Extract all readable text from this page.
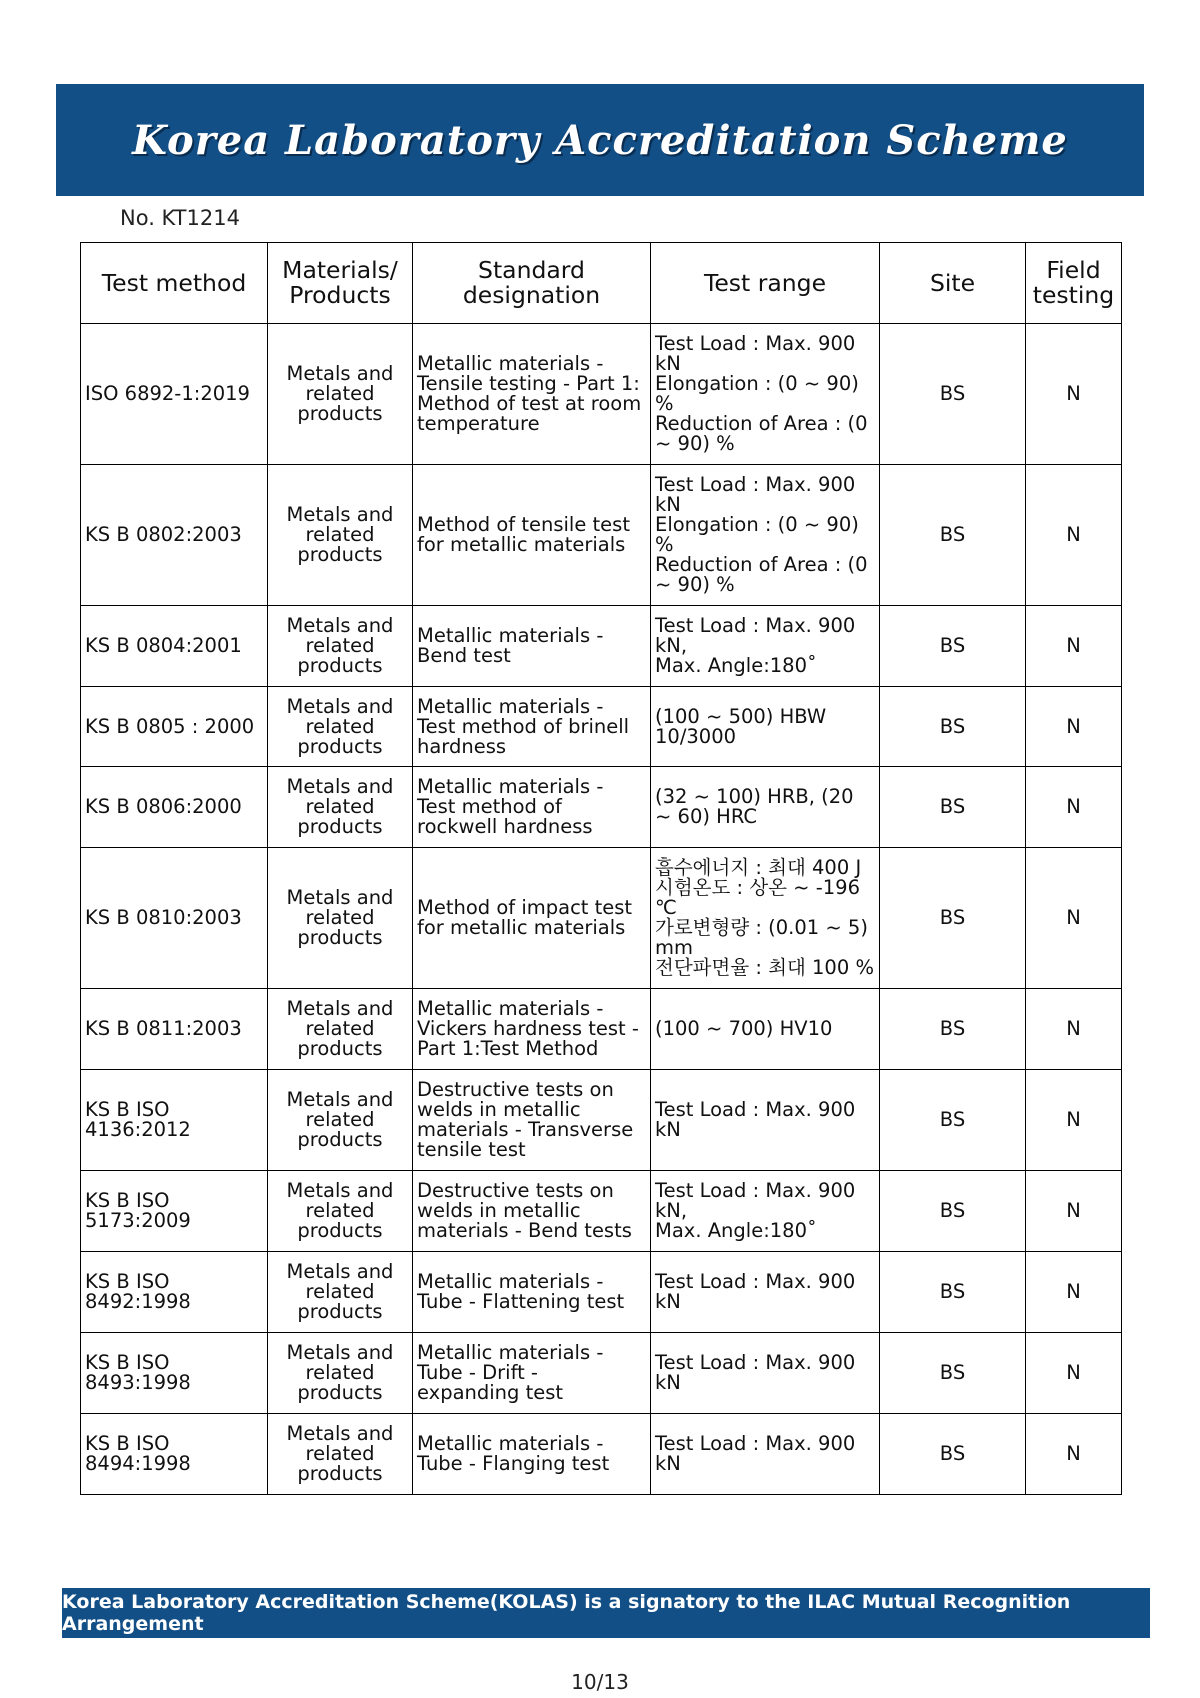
Korea Laboratory Accreditation Scheme
No. KT1214
Test method	Materials/ Products	Standard designation	Test range	Site	Field testing
ISO 6892-1:2019	Metals and related products	Metallic materials - Tensile testing - Part 1: Method of test at room temperature	Test Load : Max. 900 kN
Elongation : (0 ~ 90) %
Reduction of Area : (0 ~ 90) %	BS	N
KS B 0802:2003	Metals and related products	Method of tensile test for metallic materials	Test Load : Max. 900 kN
Elongation : (0 ~ 90) %
Reduction of Area : (0 ~ 90) %	BS	N
KS B 0804:2001	Metals and related products	Metallic materials - Bend test	Test Load : Max. 900 kN,
Max. Angle:180˚	BS	N
KS B 0805 : 2000	Metals and related products	Metallic materials - Test method of brinell hardness	(100 ~ 500) HBW 10/3000	BS	N
KS B 0806:2000	Metals and related products	Metallic materials - Test method of rockwell hardness	(32 ~ 100) HRB, (20 ~ 60) HRC	BS	N
KS B 0810:2003	Metals and related products	Method of impact test for metallic materials	흡수에너지 : 최대 400 J
시험온도 : 상온 ~ -196 ℃
가로변형량 : (0.01 ~ 5) mm
전단파면율 : 최대 100 %	BS	N
KS B 0811:2003	Metals and related products	Metallic materials - Vickers hardness test - Part 1:Test Method	(100 ~ 700) HV10	BS	N
KS B ISO 4136:2012	Metals and related products	Destructive tests on welds in metallic materials - Transverse tensile test	Test Load : Max. 900 kN	BS	N
KS B ISO 5173:2009	Metals and related products	Destructive tests on welds in metallic materials - Bend tests	Test Load : Max. 900 kN,
Max. Angle:180˚	BS	N
KS B ISO 8492:1998	Metals and related products	Metallic materials - Tube - Flattening test	Test Load : Max. 900 kN	BS	N
KS B ISO 8493:1998	Metals and related products	Metallic materials - Tube - Drift - expanding test	Test Load : Max. 900 kN	BS	N
KS B ISO 8494:1998	Metals and related products	Metallic materials - Tube - Flanging test	Test Load : Max. 900 kN	BS	N
Korea Laboratory Accreditation Scheme(KOLAS) is a signatory to the ILAC Mutual Recognition Arrangement
10/13
